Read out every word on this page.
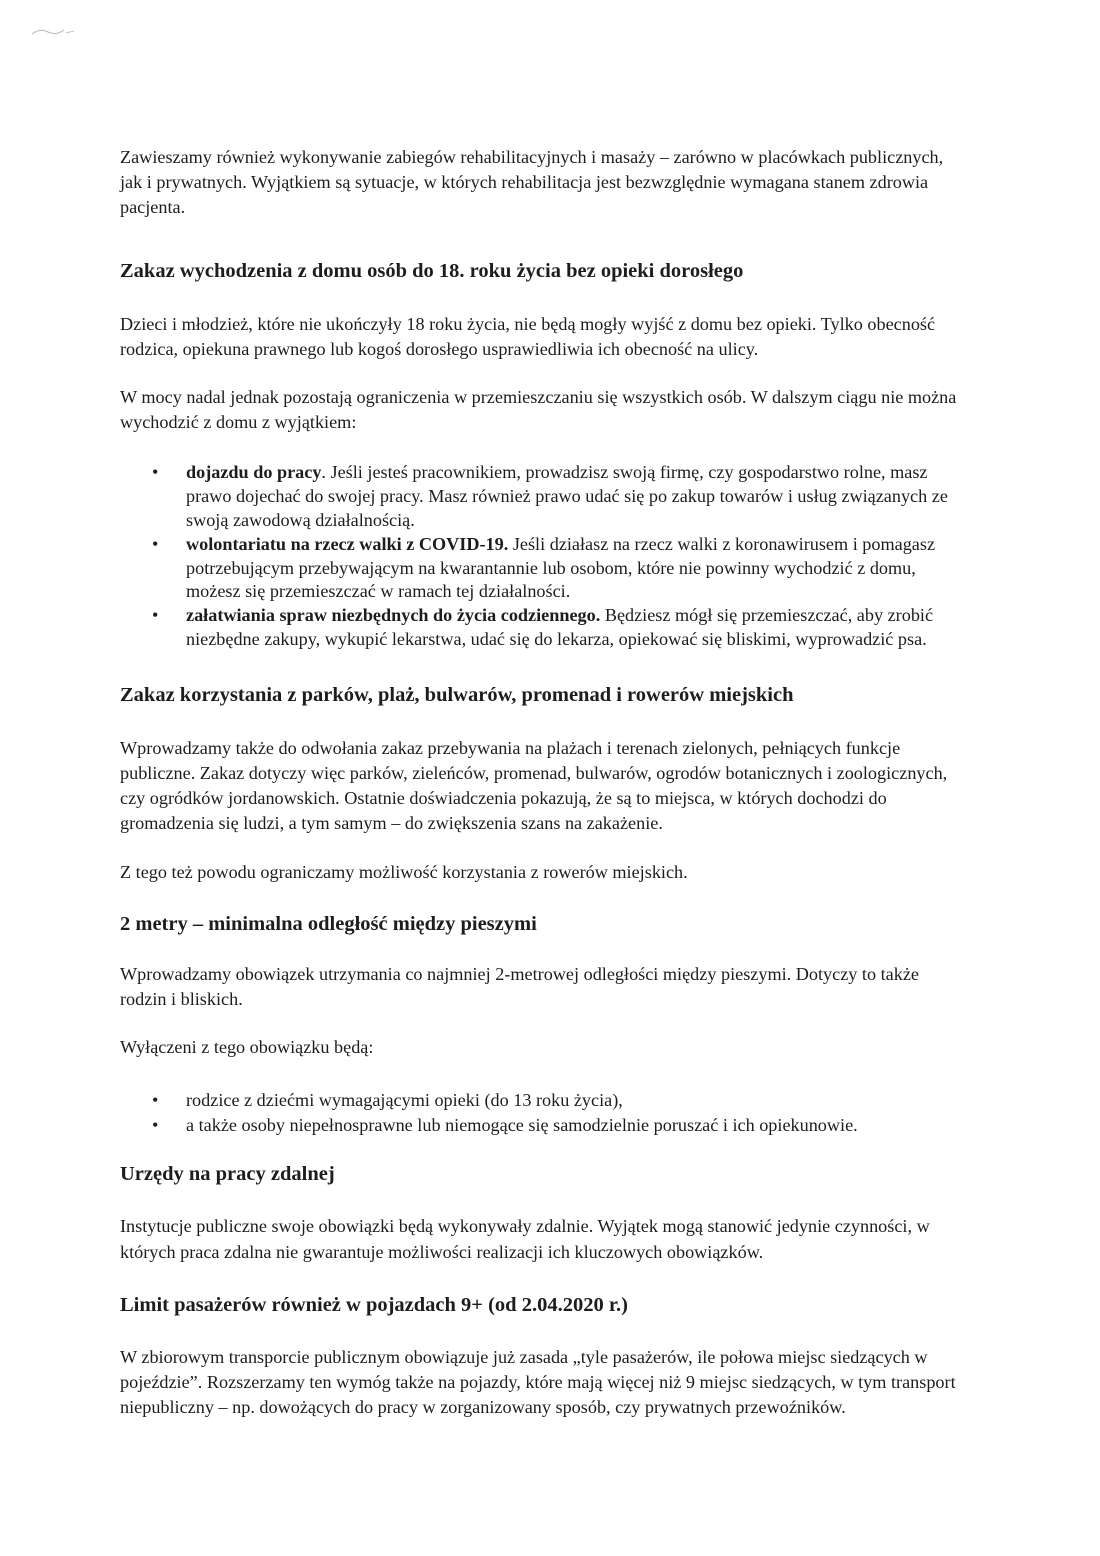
Zawieszamy również wykonywanie zabiegów rehabilitacyjnych i masaży – zarówno w placówkach publicznych, jak i prywatnych. Wyjątkiem są sytuacje, w których rehabilitacja jest bezwzględnie wymagana stanem zdrowia pacjenta.

Zakaz wychodzenia z domu osób do 18. roku życia bez opieki dorosłego

Dzieci i młodzież, które nie ukończyły 18 roku życia, nie będą mogły wyjść z domu bez opieki. Tylko obecność rodzica, opiekuna prawnego lub kogoś dorosłego usprawiedliwia ich obecność na ulicy.

W mocy nadal jednak pozostają ograniczenia w przemieszczaniu się wszystkich osób. W dalszym ciągu nie można wychodzić z domu z wyjątkiem:

• dojazdu do pracy. Jeśli jesteś pracownikiem, prowadzisz swoją firmę, czy gospodarstwo rolne, masz prawo dojechać do swojej pracy. Masz również prawo udać się po zakup towarów i usług związanych ze swoją zawodową działalnością.
• wolontariatu na rzecz walki z COVID-19. Jeśli działasz na rzecz walki z koronawirusem i pomagasz potrzebującym przebywającym na kwarantannie lub osobom, które nie powinny wychodzić z domu, możesz się przemieszczać w ramach tej działalności.
• załatwiania spraw niezbędnych do życia codziennego. Będziesz mógł się przemieszczać, aby zrobić niezbędne zakupy, wykupić lekarstwa, udać się do lekarza, opiekować się bliskimi, wyprowadzić psa.
Zakaz korzystania z parków, plaż, bulwarów, promenad i rowerów miejskich

Wprowadzamy także do odwołania zakaz przebywania na plażach i terenach zielonych, pełniących funkcje publiczne. Zakaz dotyczy więc parków, zieleńców, promenad, bulwarów, ogrodów botanicznych i zoologicznych, czy ogródków jordanowskich. Ostatnie doświadczenia pokazują, że są to miejsca, w których dochodzi do gromadzenia się ludzi, a tym samym – do zwiększenia szans na zakażenie.

Z tego też powodu ograniczamy możliwość korzystania z rowerów miejskich.

2 metry – minimalna odległość między pieszymi

Wprowadzamy obowiązek utrzymania co najmniej 2-metrowej odległości między pieszymi. Dotyczy to także rodzin i bliskich.

Wyłączeni z tego obowiązku będą:

• rodzice z dziećmi wymagającymi opieki (do 13 roku życia),
• a także osoby niepełnosprawne lub niemogące się samodzielnie poruszać i ich opiekunowie.
Urzędy na pracy zdalnej

Instytucje publiczne swoje obowiązki będą wykonywały zdalnie. Wyjątek mogą stanowić jedynie czynności, w których praca zdalna nie gwarantuje możliwości realizacji ich kluczowych obowiązków.

Limit pasażerów również w pojazdach 9+ (od 2.04.2020 r.)

W zbiorowym transporcie publicznym obowiązuje już zasada „tyle pasażerów, ile połowa miejsc siedzących w pojeździe”. Rozszerzamy ten wymóg także na pojazdy, które mają więcej niż 9 miejsc siedzących, w tym transport niepubliczny – np. dowożących do pracy w zorganizowany sposób, czy prywatnych przewoźników.
